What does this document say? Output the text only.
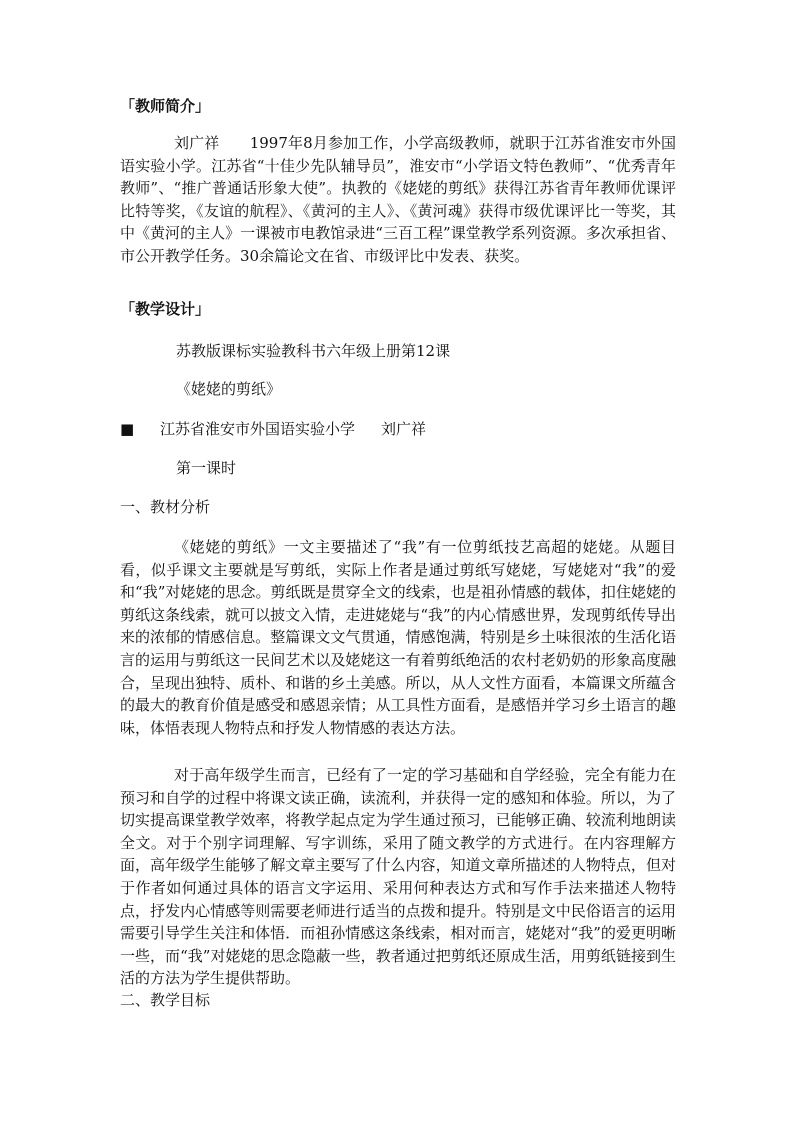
「教师简介」
刘广祥　　1997年8月参加工作，小学高级教师，就职于江苏省淮安市外国语实验小学。江苏省“十佳少先队辅导员”，淮安市“小学语文特色教师”、“优秀青年教师”、“推广普通话形象大使”。执教的《姥姥的剪纸》获得江苏省青年教师优课评比特等奖，《友谊的航程》、《黄河的主人》、《黄河魂》获得市级优课评比一等奖，其中《黄河的主人》一课被市电教馆录进“三百工程”课堂教学系列资源。多次承担省、市公开教学任务。30余篇论文在省、市级评比中发表、获奖。
「教学设计」
苏教版课标实验教科书六年级上册第12课
《姥姥的剪纸》
■ 江苏省淮安市外国语实验小学 刘广祥
第一课时
一、教材分析
《姥姥的剪纸》一文主要描述了“我”有一位剪纸技艺高超的姥姥。从题目看，似乎课文主要就是写剪纸，实际上作者是通过剪纸写姥姥，写姥姥对“我”的爱和“我”对姥姥的思念。剪纸既是贯穿全文的线索，也是祖孙情感的载体，扣住姥姥的剪纸这条线索，就可以披文入情，走进姥姥与“我”的内心情感世界，发现剪纸传导出来的浓郁的情感信息。整篇课文文气贯通，情感饱满，特别是乡土味很浓的生活化语言的运用与剪纸这一民间艺术以及姥姥这一有着剪纸绝活的农村老奶奶的形象高度融合，呈现出独特、质朴、和谐的乡土美感。所以，从人文性方面看，本篇课文所蕴含的最大的教育价值是感受和感恩亲情；从工具性方面看，是感悟并学习乡土语言的趣味，体悟表现人物特点和抒发人物情感的表达方法。
对于高年级学生而言，已经有了一定的学习基础和自学经验，完全有能力在预习和自学的过程中将课文读正确，读流利，并获得一定的感知和体验。所以，为了切实提高课堂教学效率，将教学起点定为学生通过预习，已能够正确、较流利地朗读全文。对于个别字词理解、写字训练，采用了随文教学的方式进行。在内容理解方面，高年级学生能够了解文章主要写了什么内容，知道文章所描述的人物特点，但对于作者如何通过具体的语言文字运用、采用何种表达方式和写作手法来描述人物特点，抒发内心情感等则需要老师进行适当的点拨和提升。特别是文中民俗语言的运用需要引导学生关注和体悟．而祖孙情感这条线索，相对而言，姥姥对“我”的爱更明晰一些，而“我”对姥姥的思念隐蔽一些，教者通过把剪纸还原成生活，用剪纸链接到生活的方法为学生提供帮助。
二、教学目标
